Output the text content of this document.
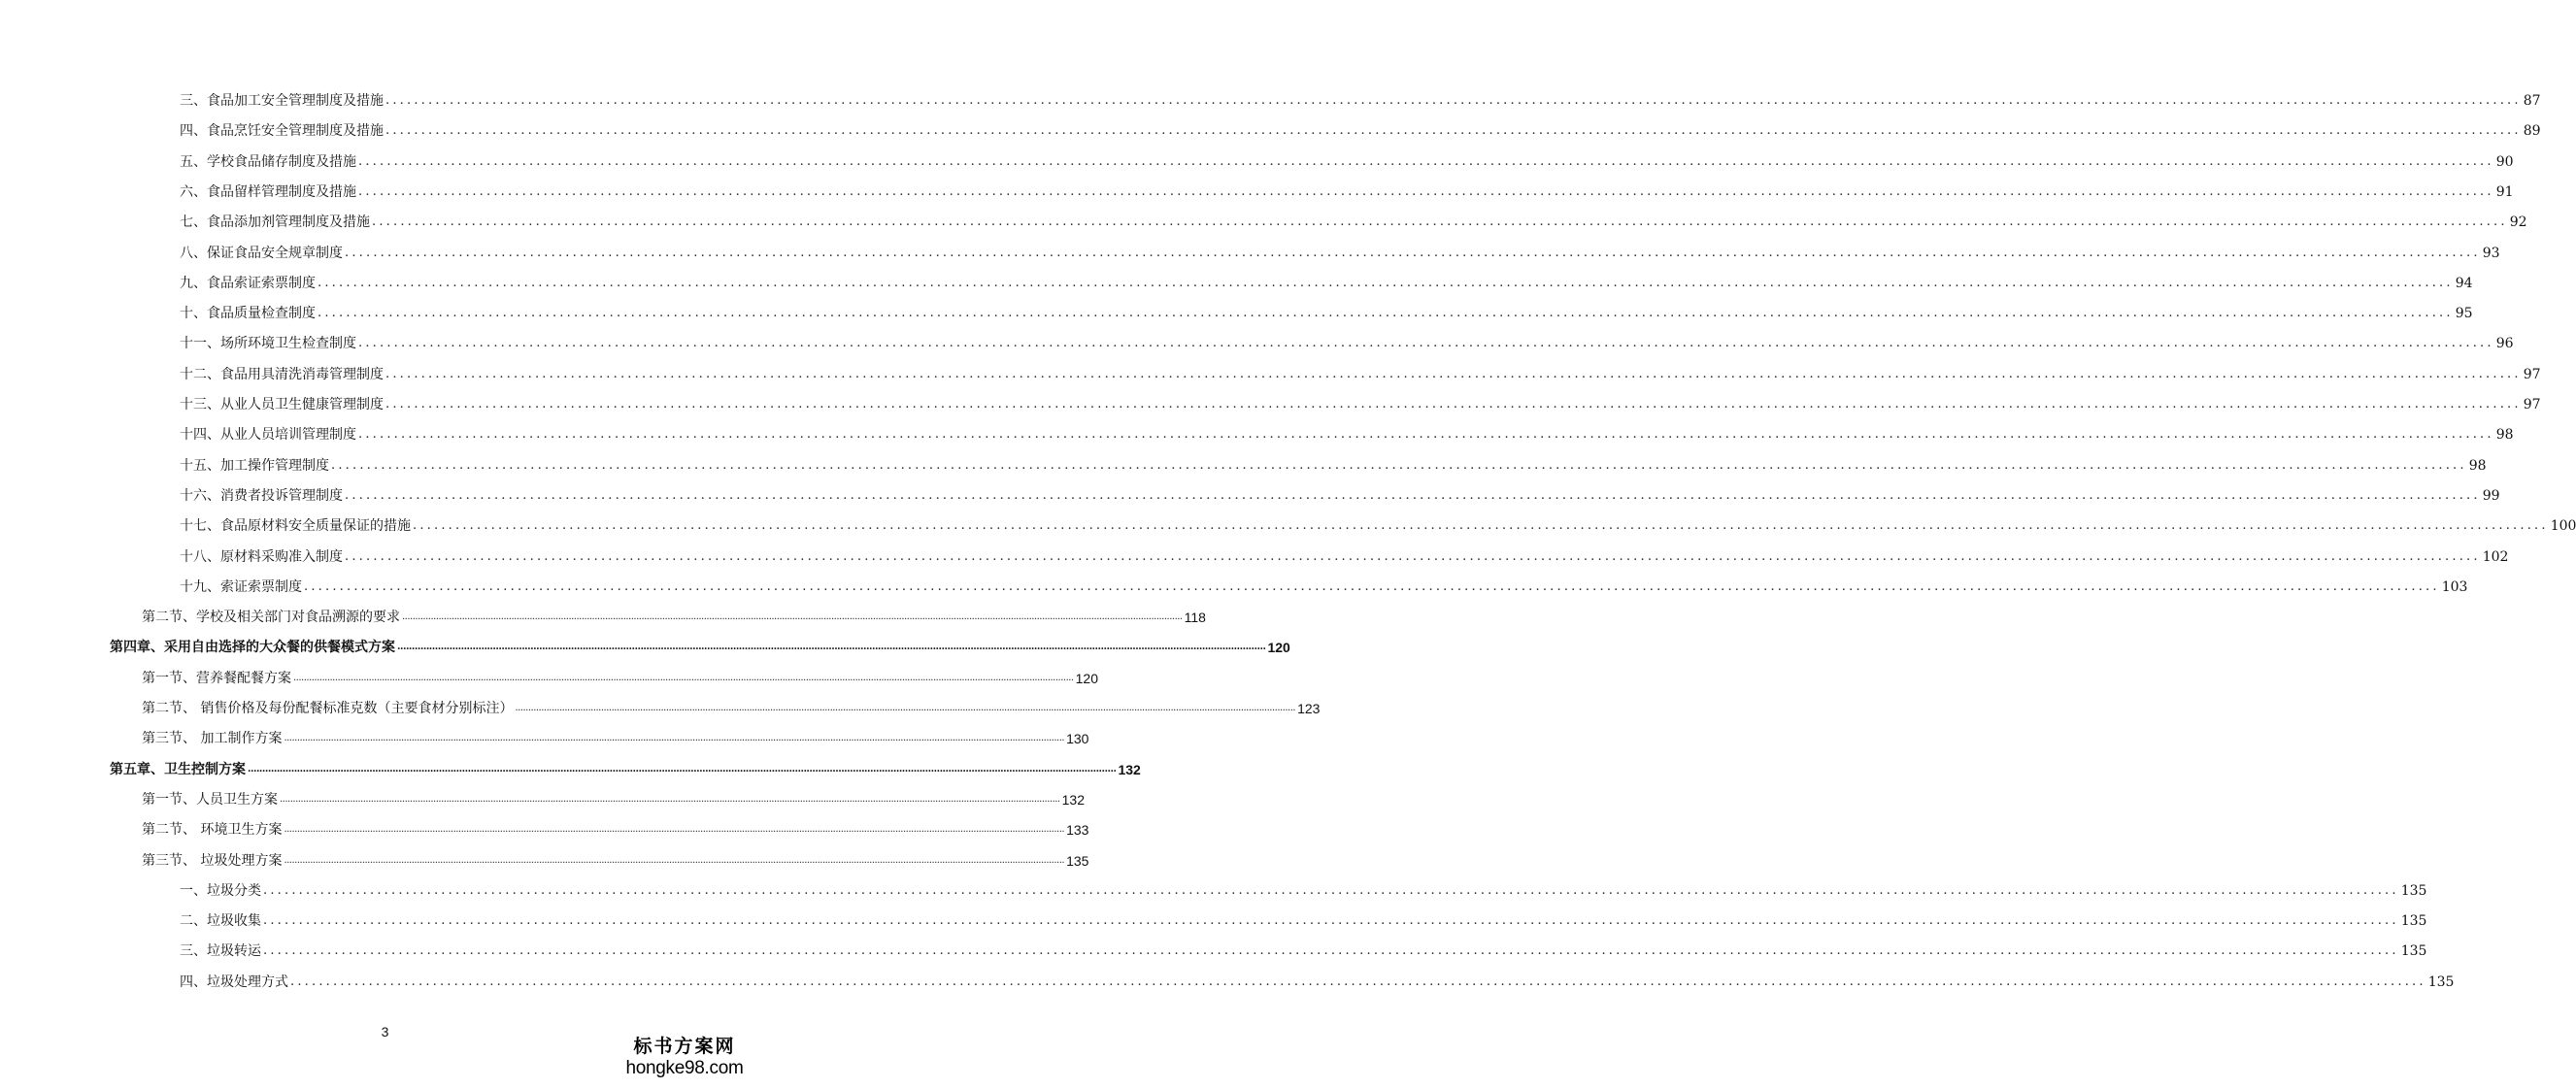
三、食品加工安全管理制度及措施 ............................................................................................................................................................................................................................................................................................................ 87
四、食品烹饪安全管理制度及措施 ............................................................................................................................................................................................................................................................................................................ 89
五、学校食品储存制度及措施 ............................................................................................................................................................................................................................................................................................................ 90
六、食品留样管理制度及措施 ............................................................................................................................................................................................................................................................................................................ 91
七、食品添加剂管理制度及措施 ............................................................................................................................................................................................................................................................................................................ 92
八、保证食品安全规章制度 ............................................................................................................................................................................................................................................................................................................ 93
九、食品索证索票制度 ............................................................................................................................................................................................................................................................................................................ 94
十、食品质量检查制度 ............................................................................................................................................................................................................................................................................................................ 95
十一、场所环境卫生检查制度 ............................................................................................................................................................................................................................................................................................................ 96
十二、食品用具清洗消毒管理制度 ............................................................................................................................................................................................................................................................................................................ 97
十三、从业人员卫生健康管理制度 ............................................................................................................................................................................................................................................................................................................ 97
十四、从业人员培训管理制度 ............................................................................................................................................................................................................................................................................................................ 98
十五、加工操作管理制度 ............................................................................................................................................................................................................................................................................................................ 98
十六、消费者投诉管理制度 ............................................................................................................................................................................................................................................................................................................ 99
十七、食品原材料安全质量保证的措施 ............................................................................................................................................................................................................................................................................................................ 100
十八、原材料采购准入制度 ............................................................................................................................................................................................................................................................................................................ 102
十九、索证索票制度 ............................................................................................................................................................................................................................................................................................................ 103
第二节、学校及相关部门对食品溯源的要求 ............................................................................................................................................................................................................................................................................................................ 118
第四章、采用自由选择的大众餐的供餐模式方案 ............................................................................................................................................................................................................................................................................................................ 120
第一节、营养餐配餐方案 ............................................................................................................................................................................................................................................................................................................ 120
第二节、 销售价格及每份配餐标准克数（主要食材分别标注） ............................................................................................................................................................................................................................................................................................................ 123
第三节、 加工制作方案 ............................................................................................................................................................................................................................................................................................................ 130
第五章、卫生控制方案 ............................................................................................................................................................................................................................................................................................................ 132
第一节、人员卫生方案 ............................................................................................................................................................................................................................................................................................................ 132
第二节、 环境卫生方案 ............................................................................................................................................................................................................................................................................................................ 133
第三节、 垃圾处理方案 ............................................................................................................................................................................................................................................................................................................ 135
一、垃圾分类 ............................................................................................................................................................................................................................................................................................................ 135
二、垃圾收集 ............................................................................................................................................................................................................................................................................................................ 135
三、垃圾转运 ............................................................................................................................................................................................................................................................................................................ 135
四、垃圾处理方式 ............................................................................................................................................................................................................................................................................................................ 135
3
标书方案网
hongke98.com
